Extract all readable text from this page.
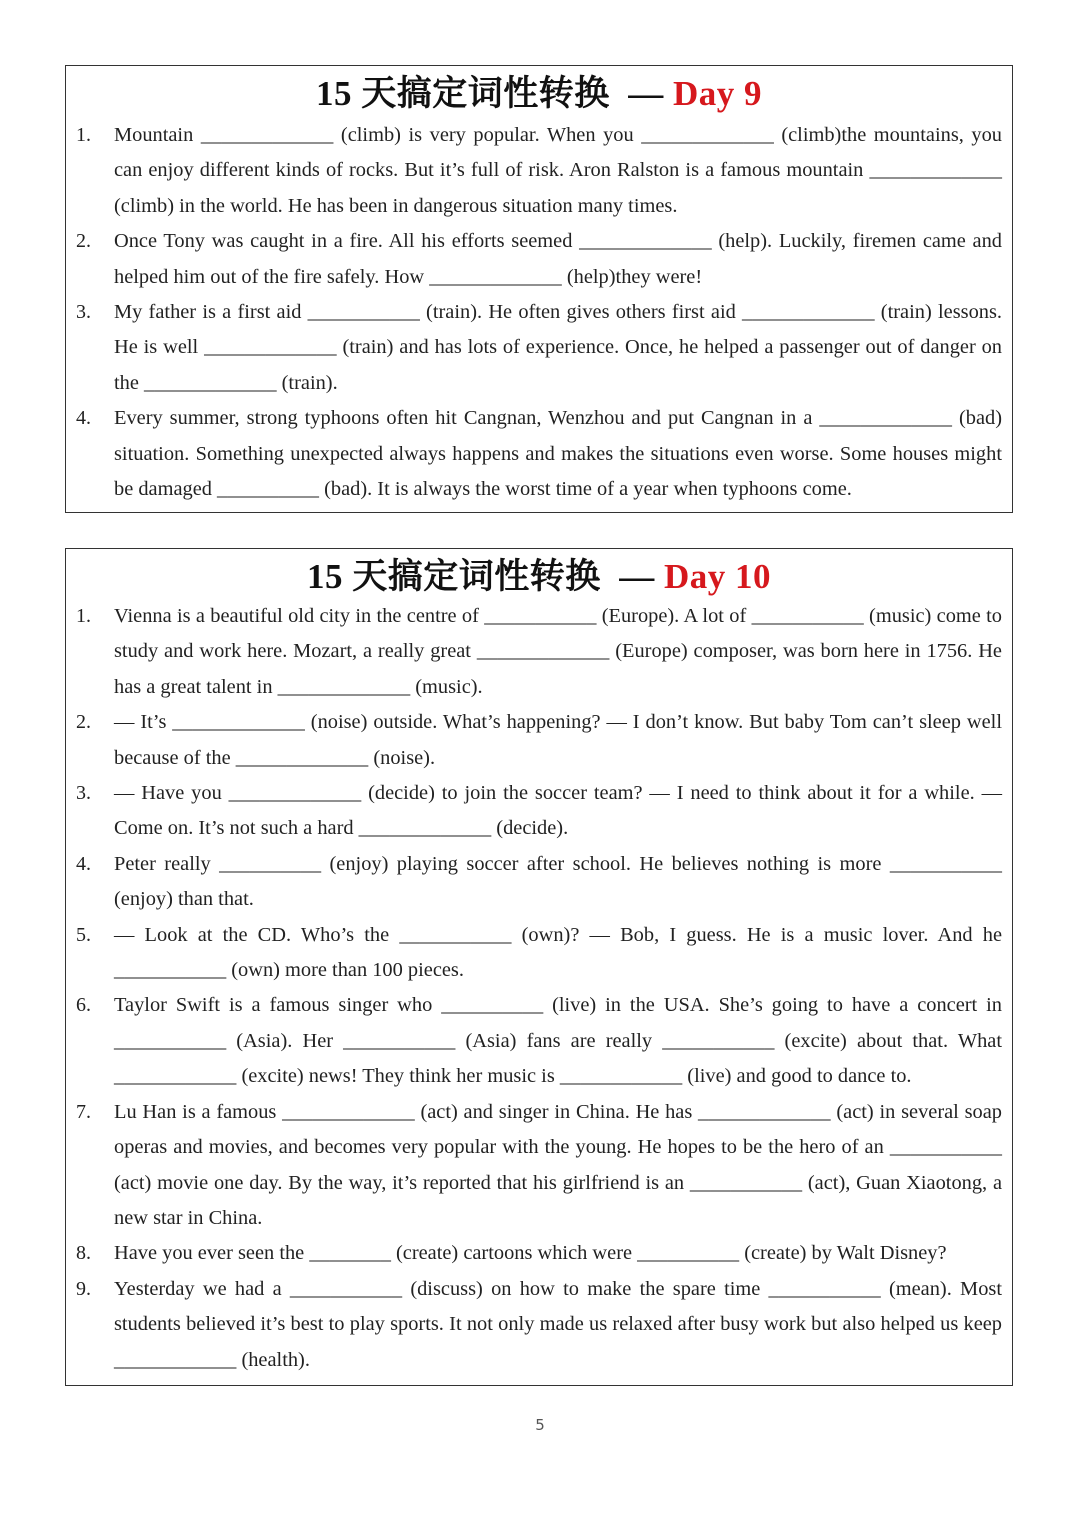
15 天搞定词性转换 — Day 9
1. Mountain _____________ (climb) is very popular. When you _____________ (climb)the mountains, you can enjoy different kinds of rocks. But it’s full of risk. Aron Ralston is a famous mountain _____________ (climb) in the world. He has been in dangerous situation many times.

2. Once Tony was caught in a fire. All his efforts seemed _____________ (help). Luckily, firemen came and helped him out of the fire safely. How _____________ (help)they were!

3. My father is a first aid ___________ (train). He often gives others first aid _____________ (train) lessons. He is well _____________ (train) and has lots of experience. Once, he helped a passenger out of danger on the _____________ (train).

4. Every summer, strong typhoons often hit Cangnan, Wenzhou and put Cangnan in a _____________ (bad) situation. Something unexpected always happens and makes the situations even worse. Some houses might be damaged __________ (bad). It is always the worst time of a year when typhoons come.

15 天搞定词性转换 — Day 10
1. Vienna is a beautiful old city in the centre of ___________ (Europe). A lot of ___________ (music) come to study and work here. Mozart, a really great _____________ (Europe) composer, was born here in 1756. He has a great talent in _____________ (music).

2. — It’s _____________ (noise) outside. What’s happening? — I don’t know. But baby Tom can’t sleep well because of the _____________ (noise).

3. — Have you _____________ (decide) to join the soccer team? — I need to think about it for a while. — Come on. It’s not such a hard _____________ (decide).

4. Peter really __________ (enjoy) playing soccer after school. He believes nothing is more ___________ (enjoy) than that.

5. — Look at the CD. Who’s the ___________ (own)? — Bob, I guess. He is a music lover. And he ___________ (own) more than 100 pieces.

6. Taylor Swift is a famous singer who __________ (live) in the USA. She’s going to have a concert in ___________ (Asia). Her ___________ (Asia) fans are really ___________ (excite) about that. What ____________ (excite) news! They think her music is ____________ (live) and good to dance to.

7. Lu Han is a famous _____________ (act) and singer in China. He has _____________ (act) in several soap operas and movies, and becomes very popular with the young. He hopes to be the hero of an ___________ (act) movie one day. By the way, it’s reported that his girlfriend is an ___________ (act), Guan Xiaotong, a new star in China.

8. Have you ever seen the ________ (create) cartoons which were __________ (create) by Walt Disney?

9. Yesterday we had a ___________ (discuss) on how to make the spare time ___________ (mean). Most students believed it’s best to play sports. It not only made us relaxed after busy work but also helped us keep ____________ (health).

5
